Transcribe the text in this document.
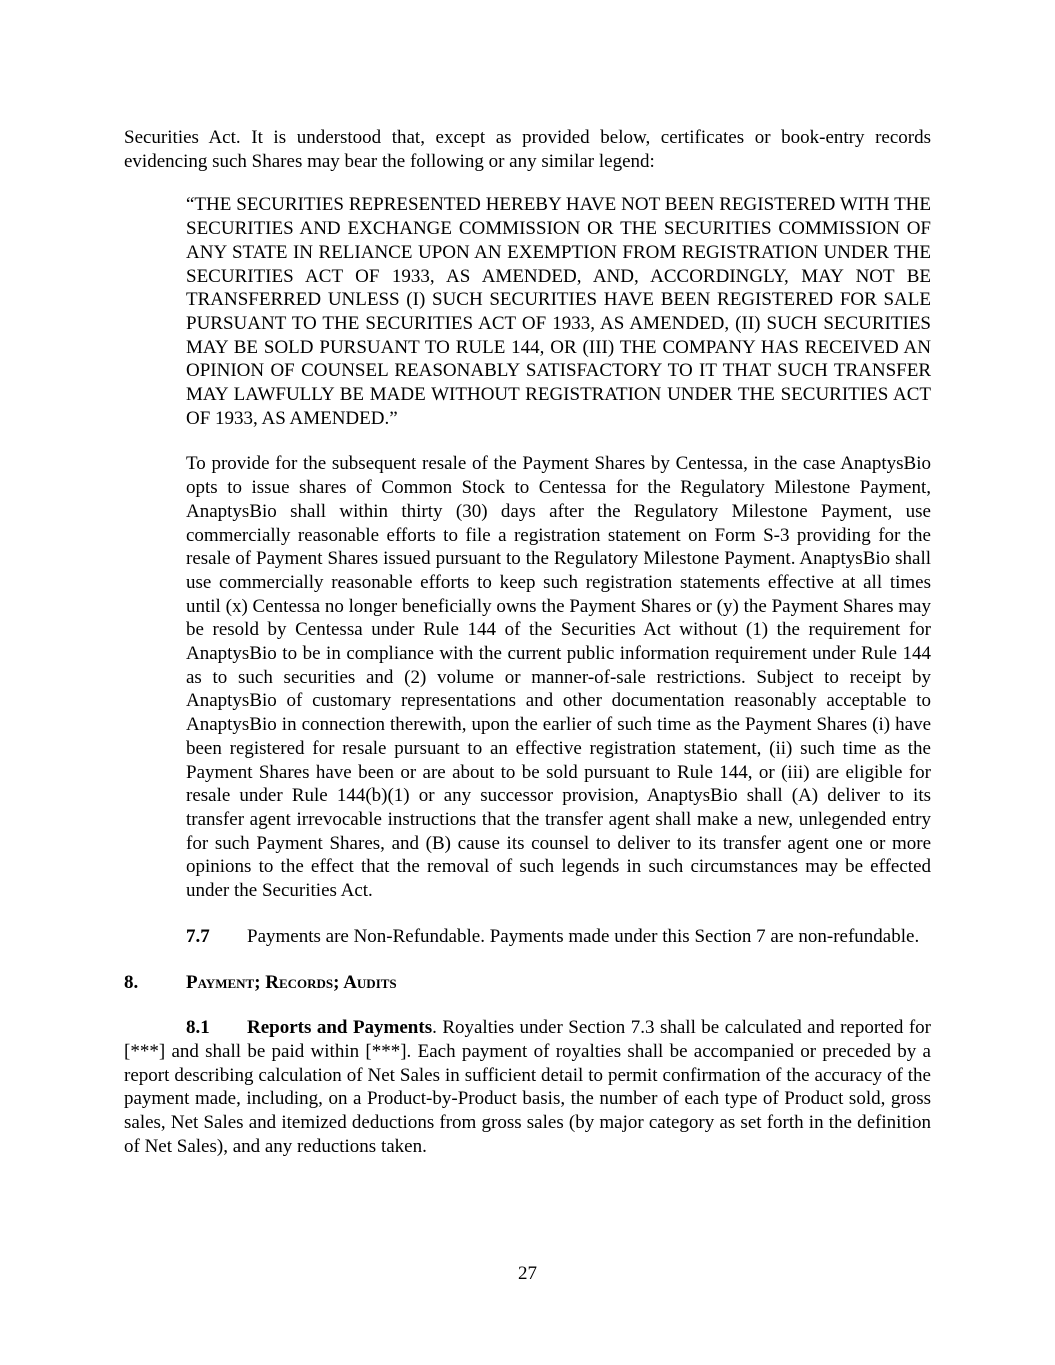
Securities Act. It is understood that, except as provided below, certificates or book-entry records evidencing such Shares may bear the following or any similar legend:

“THE SECURITIES REPRESENTED HEREBY HAVE NOT BEEN REGISTERED WITH THE SECURITIES AND EXCHANGE COMMISSION OR THE SECURITIES COMMISSION OF ANY STATE IN RELIANCE UPON AN EXEMPTION FROM REGISTRATION UNDER THE SECURITIES ACT OF 1933, AS AMENDED, AND, ACCORDINGLY, MAY NOT BE TRANSFERRED UNLESS (I) SUCH SECURITIES HAVE BEEN REGISTERED FOR SALE PURSUANT TO THE SECURITIES ACT OF 1933, AS AMENDED, (II) SUCH SECURITIES MAY BE SOLD PURSUANT TO RULE 144, OR (III) THE COMPANY HAS RECEIVED AN OPINION OF COUNSEL REASONABLY SATISFACTORY TO IT THAT SUCH TRANSFER MAY LAWFULLY BE MADE WITHOUT REGISTRATION UNDER THE SECURITIES ACT OF 1933, AS AMENDED.”

To provide for the subsequent resale of the Payment Shares by Centessa, in the case AnaptysBio opts to issue shares of Common Stock to Centessa for the Regulatory Milestone Payment, AnaptysBio shall within thirty (30) days after the Regulatory Milestone Payment, use commercially reasonable efforts to file a registration statement on Form S-3 providing for the resale of Payment Shares issued pursuant to the Regulatory Milestone Payment. AnaptysBio shall use commercially reasonable efforts to keep such registration statements effective at all times until (x) Centessa no longer beneficially owns the Payment Shares or (y) the Payment Shares may be resold by Centessa under Rule 144 of the Securities Act without (1) the requirement for AnaptysBio to be in compliance with the current public information requirement under Rule 144 as to such securities and (2) volume or manner-of-sale restrictions. Subject to receipt by AnaptysBio of customary representations and other documentation reasonably acceptable to AnaptysBio in connection therewith, upon the earlier of such time as the Payment Shares (i) have been registered for resale pursuant to an effective registration statement, (ii) such time as the Payment Shares have been or are about to be sold pursuant to Rule 144, or (iii) are eligible for resale under Rule 144(b)(1) or any successor provision, AnaptysBio shall (A) deliver to its transfer agent irrevocable instructions that the transfer agent shall make a new, unlegended entry for such Payment Shares, and (B) cause its counsel to deliver to its transfer agent one or more opinions to the effect that the removal of such legends in such circumstances may be effected under the Securities Act.

7.7 Payments are Non-Refundable. Payments made under this Section 7 are non-refundable.

8.	Payment; Records; Audits

8.1 Reports and Payments. Royalties under Section 7.3 shall be calculated and reported for [***] and shall be paid within [***]. Each payment of royalties shall be accompanied or preceded by a report describing calculation of Net Sales in sufficient detail to permit confirmation of the accuracy of the payment made, including, on a Product-by-Product basis, the number of each type of Product sold, gross sales, Net Sales and itemized deductions from gross sales (by major category as set forth in the definition of Net Sales), and any reductions taken.

27
